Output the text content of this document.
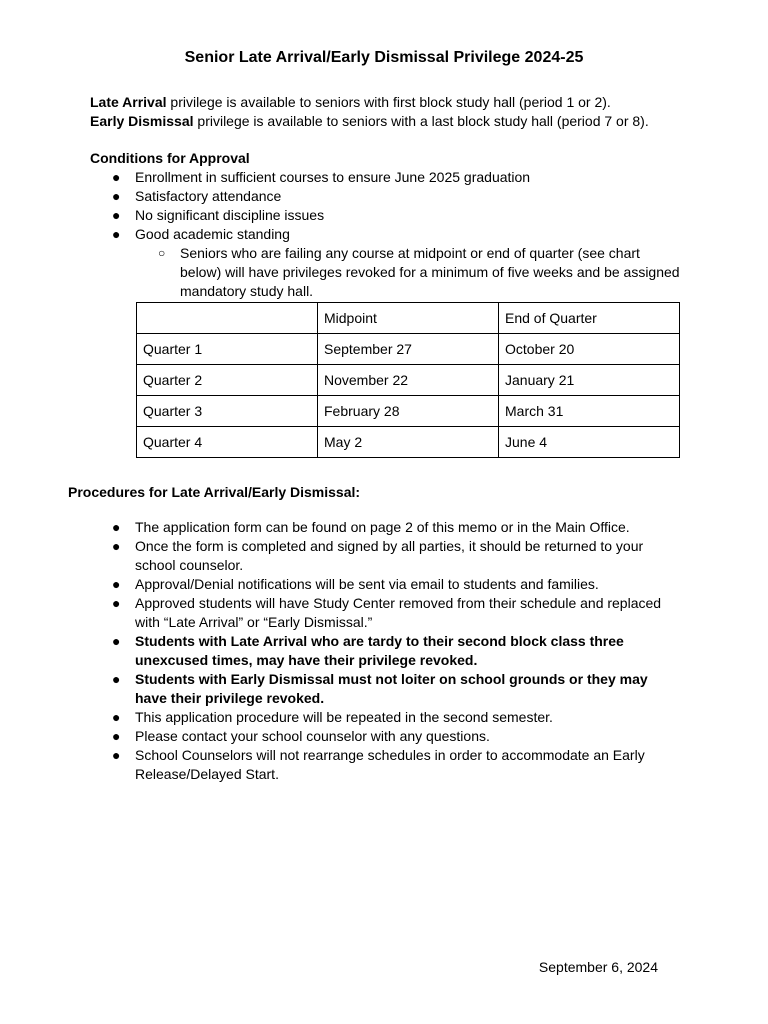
Senior Late Arrival/Early Dismissal Privilege 2024-25

Late Arrival privilege is available to seniors with first block study hall (period 1 or 2).

Early Dismissal privilege is available to seniors with a last block study hall (period 7 or 8).

Conditions for Approval
● Enrollment in sufficient courses to ensure June 2025 graduation
● Satisfactory attendance
● No significant discipline issues
● Good academic standing
○ Seniors who are failing any course at midpoint or end of quarter (see chart below) will have privileges revoked for a minimum of five weeks and be assigned mandatory study hall.
	Midpoint	End of Quarter
Quarter 1	September 27	October 20
Quarter 2	November 22	January 21
Quarter 3	February 28	March 31
Quarter 4	May 2	June 4
Procedures for Late Arrival/Early Dismissal:
● The application form can be found on page 2 of this memo or in the Main Office.
● Once the form is completed and signed by all parties, it should be returned to your school counselor.
● Approval/Denial notifications will be sent via email to students and families.
● Approved students will have Study Center removed from their schedule and replaced with “Late Arrival” or “Early Dismissal.”
● Students with Late Arrival who are tardy to their second block class three unexcused times, may have their privilege revoked.
● Students with Early Dismissal must not loiter on school grounds or they may have their privilege revoked.
● This application procedure will be repeated in the second semester.
● Please contact your school counselor with any questions.
● School Counselors will not rearrange schedules in order to accommodate an Early Release/Delayed Start.
September 6, 2024
